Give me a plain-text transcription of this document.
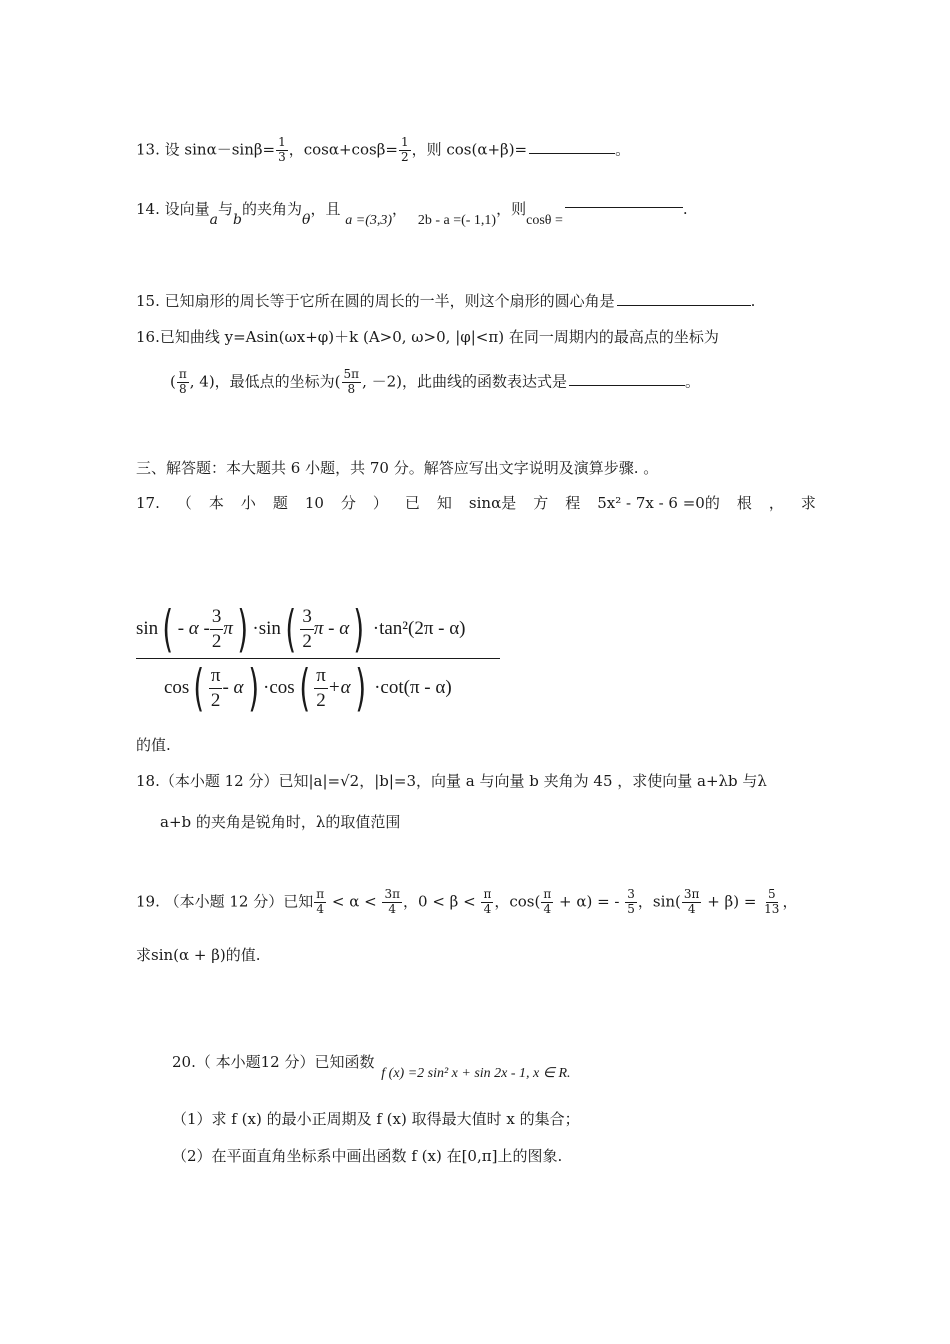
13. 设 $\sin\alpha-\sin\beta= \frac{1}{3}$ ，$\cos\alpha+\cos\beta= \frac{1}{2}$ ，则 cos(α+β)=	。
14. 设向量a与b的夹角为θ，且 a =(3,3)， 2b - a =(- 1,1)，则cosθ =.
15. 已知扇形的周长等于它所在圆的周长的一半，则这个扇形的圆心角是	.
16.已知曲线 y=Asin(ωx+φ)＋k (A>0, ω>0, |φ|<π) 在同一周期内的最高点的坐标为
( $\frac{\pi}{8}$ , 4)，最低点的坐标为( $\frac{5\pi}{8}$ , －2)，此曲线的函数表达式是	。
三、解答题：本大题共 6 小题，共 70 分。解答应写出文字说明及演算步骤. 。
17. （ 本 小 题 10 分 ） 已 知 sinα是 方 程 5x² - 7x - 6 =0的 根 ， 求
sin ( - α -
3
2
π ) ·sin ( 3
2
π - α ) ·tan²(2π - α)
cos ( π
2
- α ) ·cos ( π
2
+α ) ·cot(π - α)
的值.
18.（本小题 12 分）已知|a|=√2，|b|=3，向量 a 与向量 b 夹角为 45 ，求使向量 a+λb 与λ
a+b 的夹角是锐角时，λ的取值范围
19. （本小题 12 分）已知 $\frac{\pi}{4} < \alpha < \frac{3\pi}{4}$ ，$0 < \beta < \frac{\pi}{4}$ ，$\cos( \frac{\pi}{4} + \alpha)$ = - $\frac{3}{5}$ ，$\sin( \frac{3\pi}{4} + \beta) = \frac{5}{13}$ ，
求sin(α + β)的值.
20.（ 本小题12 分）已知函数 f (x) =2 sin² x + sin 2x - 1, x ∈ R.
（1）求 f (x) 的最小正周期及 f (x) 取得最大值时 x 的集合；
（2）在平面直角坐标系中画出函数 f (x) 在[0,π]上的图象.
